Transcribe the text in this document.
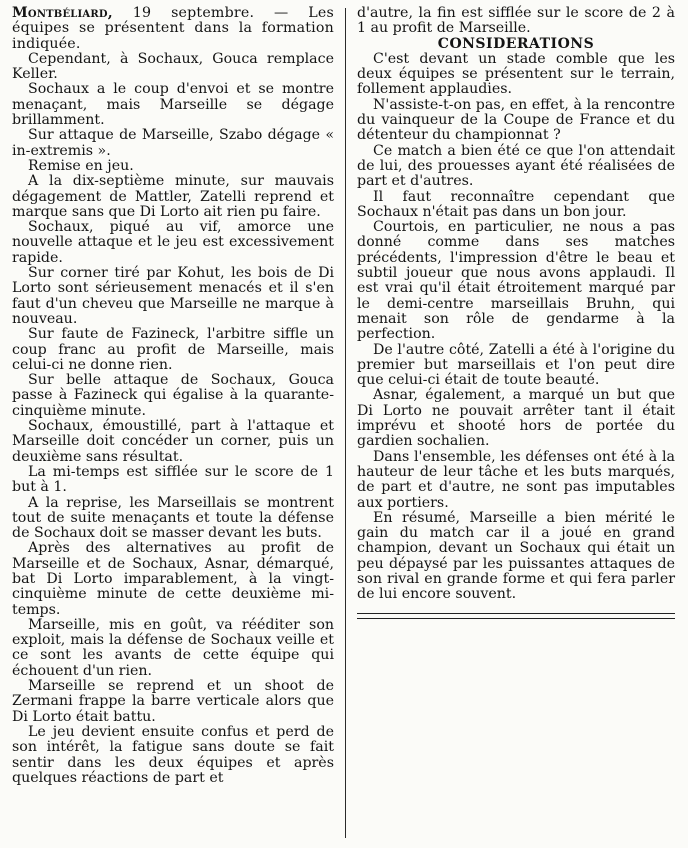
Montbéliard, 19 septembre. — Les équipes se présentent dans la formation indiquée.

Cependant, à Sochaux, Gouca remplace Keller.

Sochaux a le coup d'envoi et se montre menaçant, mais Marseille se dégage brillamment.

Sur attaque de Marseille, Szabo dégage « in-extremis ».

Remise en jeu.

A la dix-septième minute, sur mauvais dégagement de Mattler, Zatelli reprend et marque sans que Di Lorto ait rien pu faire.

Sochaux, piqué au vif, amorce une nouvelle attaque et le jeu est excessivement rapide.

Sur corner tiré par Kohut, les bois de Di Lorto sont sérieusement menacés et il s'en faut d'un cheveu que Marseille ne marque à nouveau.

Sur faute de Fazineck, l'arbitre siffle un coup franc au profit de Marseille, mais celui-ci ne donne rien.

Sur belle attaque de Sochaux, Gouca passe à Fazineck qui égalise à la quarante-cinquième minute.

Sochaux, émoustillé, part à l'attaque et Marseille doit concéder un corner, puis un deuxième sans résultat.

La mi-temps est sifflée sur le score de 1 but à 1.

A la reprise, les Marseillais se montrent tout de suite menaçants et toute la défense de Sochaux doit se masser devant les buts.

Après des alternatives au profit de Marseille et de Sochaux, Asnar, démarqué, bat Di Lorto imparablement, à la vingt-cinquième minute de cette deuxième mi-temps.

Marseille, mis en goût, va rééditer son exploit, mais la défense de Sochaux veille et ce sont les avants de cette équipe qui échouent d'un rien.

Marseille se reprend et un shoot de Zermani frappe la barre verticale alors que Di Lorto était battu.

Le jeu devient ensuite confus et perd de son intérêt, la fatigue sans doute se fait sentir dans les deux équipes et après quelques réactions de part et

d'autre, la fin est sifflée sur le score de 2 à 1 au profit de Marseille.

CONSIDERATIONS

C'est devant un stade comble que les deux équipes se présentent sur le terrain, follement applaudies.

N'assiste-t-on pas, en effet, à la rencontre du vainqueur de la Coupe de France et du détenteur du championnat ?

Ce match a bien été ce que l'on attendait de lui, des prouesses ayant été réalisées de part et d'autres.

Il faut reconnaître cependant que Sochaux n'était pas dans un bon jour.

Courtois, en particulier, ne nous a pas donné comme dans ses matches précédents, l'impression d'être le beau et subtil joueur que nous avons applaudi. Il est vrai qu'il était étroitement marqué par le demi-centre marseillais Bruhn, qui menait son rôle de gendarme à la perfection.

De l'autre côté, Zatelli a été à l'origine du premier but marseillais et l'on peut dire que celui-ci était de toute beauté.

Asnar, également, a marqué un but que Di Lorto ne pouvait arrêter tant il était imprévu et shooté hors de portée du gardien sochalien.

Dans l'ensemble, les défenses ont été à la hauteur de leur tâche et les buts marqués, de part et d'autre, ne sont pas imputables aux portiers.

En résumé, Marseille a bien mérité le gain du match car il a joué en grand champion, devant un Sochaux qui était un peu dépaysé par les puissantes attaques de son rival en grande forme et qui fera parler de lui encore souvent.
